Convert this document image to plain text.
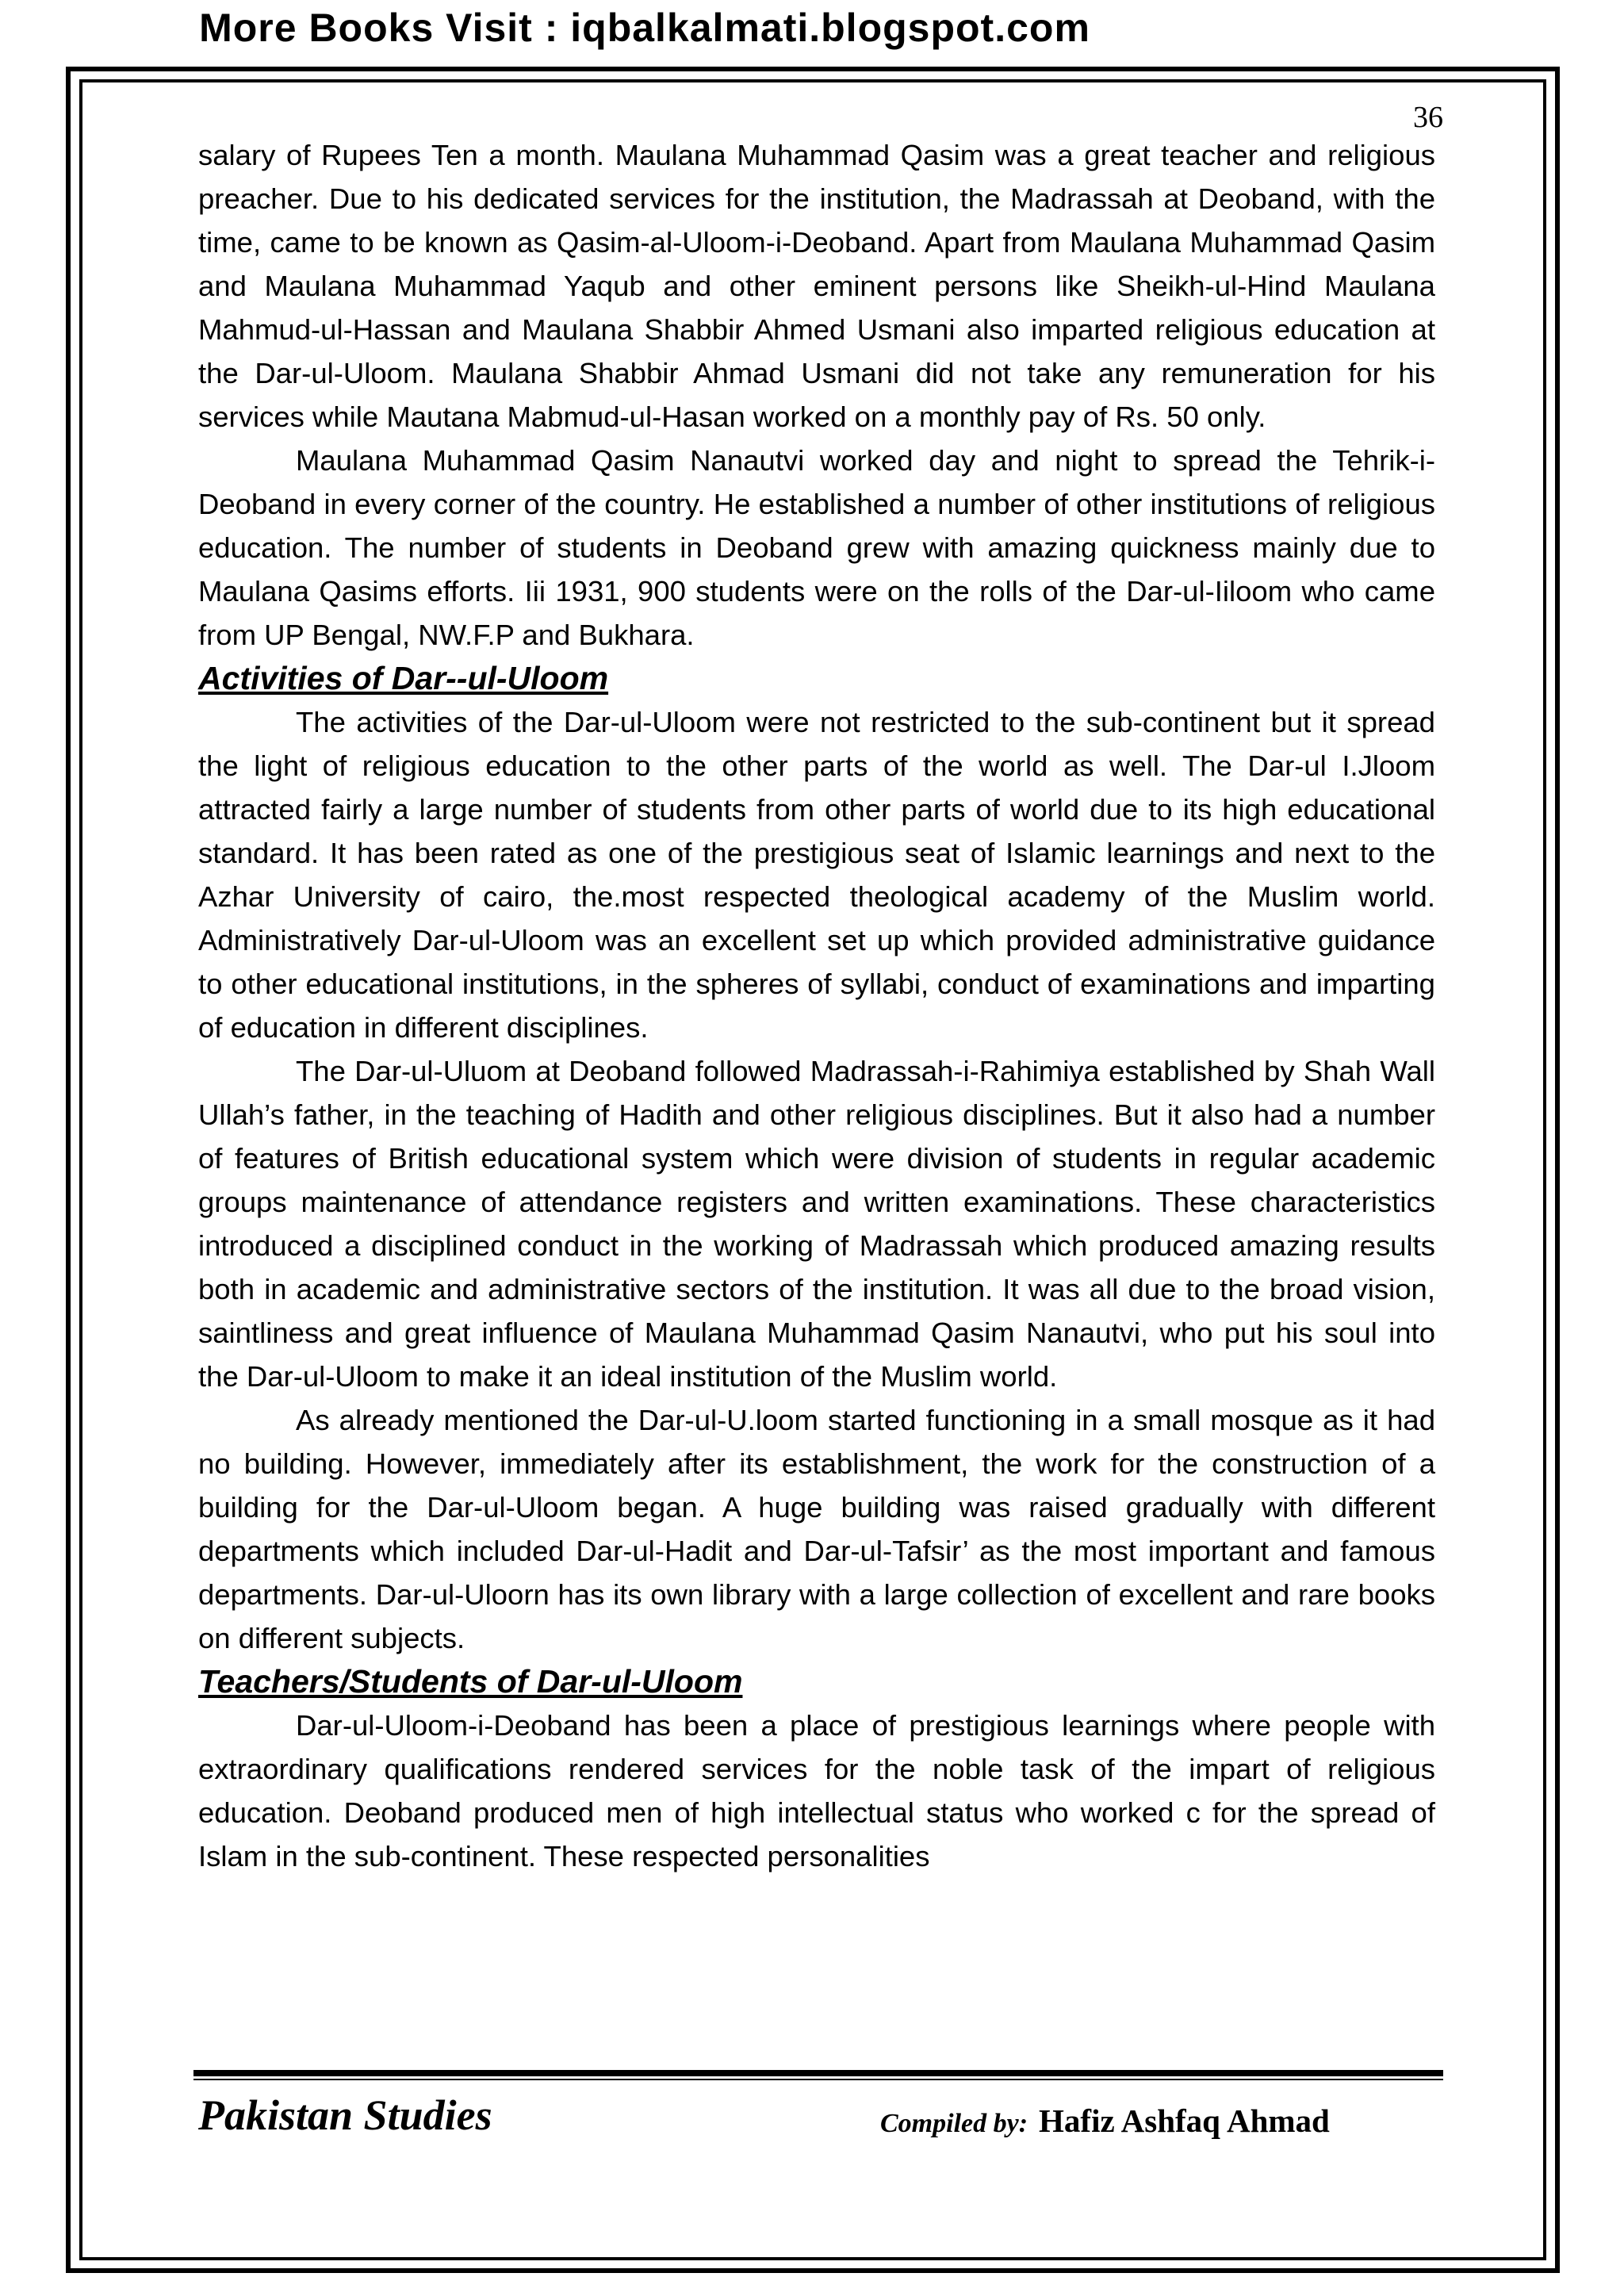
More Books Visit : iqbalkalmati.blogspot.com
36

salary of Rupees Ten a month. Maulana Muhammad Qasim was a great teacher and religious preacher. Due to his dedicated services for the institution, the Madrassah at Deoband, with the time, came to be known as Qasim-al-Uloom-i-Deoband. Apart from Maulana Muhammad Qasim and Maulana Muhammad Yaqub and other eminent persons like Sheikh-ul-Hind Maulana Mahmud-ul-Hassan and Maulana Shabbir Ahmed Usmani also imparted religious education at the Dar-ul-Uloom. Maulana Shabbir Ahmad Usmani did not take any remuneration for his services while Mautana Mabmud-ul-Hasan worked on a monthly pay of Rs. 50 only.

Maulana Muhammad Qasim Nanautvi worked day and night to spread the Tehrik-i-Deoband in every corner of the country. He established a number of other institutions of religious education. The number of students in Deoband grew with amazing quickness mainly due to Maulana Qasims efforts. Iii 1931, 900 students were on the rolls of the Dar-ul-Iiloom who came from UP Bengal, NW.F.P and Bukhara.

Activities of Dar--ul-Uloom

The activities of the Dar-ul-Uloom were not restricted to the sub-continent but it spread the light of religious education to the other parts of the world as well. The Dar-ul I.Jloom attracted fairly a large number of students from other parts of world due to its high educational standard. It has been rated as one of the prestigious seat of Islamic learnings and next to the Azhar University of cairo, the.most respected theological academy of the Muslim world. Administratively Dar-ul-Uloom was an excellent set up which provided administrative guidance to other educational institutions, in the spheres of syllabi, conduct of examinations and imparting of education in different disciplines.

The Dar-ul-Uluom at Deoband followed Madrassah-i-Rahimiya established by Shah Wall Ullah’s father, in the teaching of Hadith and other religious disciplines. But it also had a number of features of British educational system which were division of students in regular academic groups maintenance of attendance registers and written examinations. These characteristics introduced a disciplined conduct in the working of Madrassah which produced amazing results both in academic and administrative sectors of the institution. It was all due to the broad vision, saintliness and great influence of Maulana Muhammad Qasim Nanautvi, who put his soul into the Dar-ul-Uloom to make it an ideal institution of the Muslim world.

As already mentioned the Dar-ul-U.loom started functioning in a small mosque as it had no building. However, immediately after its establishment, the work for the construction of a building for the Dar-ul-Uloom began. A huge building was raised gradually with different departments which included Dar-ul-Hadit and Dar-ul-Tafsir’ as the most important and famous departments. Dar-ul-Uloorn has its own library with a large collection of excellent and rare books on different subjects.

Teachers/Students of Dar-ul-Uloom

Dar-ul-Uloom-i-Deoband has been a place of prestigious learnings where people with extraordinary qualifications rendered services for the noble task of the impart of religious education. Deoband produced men of high intellectual status who worked c for the spread of Islam in the sub-continent. These respected personalities

Pakistan Studies	Compiled by: Hafiz Ashfaq Ahmad
